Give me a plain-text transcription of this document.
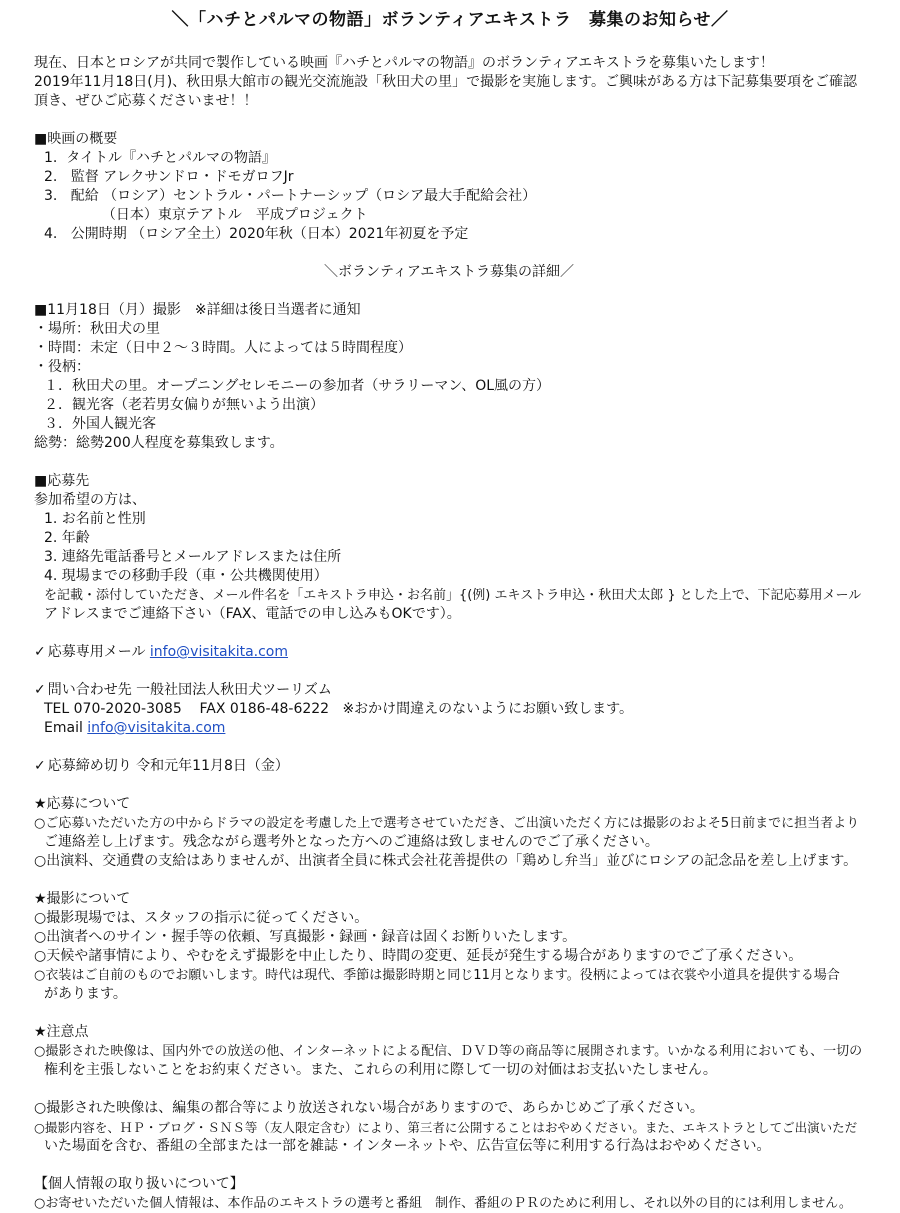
＼「ハチとパルマの物語」ボランティアエキストラ　募集のお知らせ／
現在、日本とロシアが共同で製作している映画『ハチとパルマの物語』のボランティアエキストラを募集いたします！
2019年11月18日(月)、秋田県大館市の観光交流施設「秋田犬の里」で撮影を実施します。ご興味がある方は下記募集要項をご確認
頂き、ぜひご応募くださいませ！！
■映画の概要
1.  タイトル『ハチとパルマの物語』
2.   監督 アレクサンドロ・ドモガロフJr
3.   配給 （ロシア）セントラル・パートナーシップ（ロシア最大手配給会社）
（日本）東京テアトル　平成プロジェクト
4.   公開時期 （ロシア全土）2020年秋（日本）2021年初夏を予定
＼ボランティアエキストラ募集の詳細／
■11月18日（月）撮影　※詳細は後日当選者に通知
・場所：秋田犬の里
・時間：未定（日中２～３時間。人によっては５時間程度）
・役柄：
１．秋田犬の里。オープニングセレモニーの参加者（サラリーマン、OL風の方）
２．観光客（老若男女偏りが無いよう出演）
３．外国人観光客
総勢：総勢200人程度を募集致します。
■応募先
参加希望の方は、
1. お名前と性別
2. 年齢
3. 連絡先電話番号とメールアドレスまたは住所
4. 現場までの移動手段（車・公共機関使用）
を記載・添付していただき、メール件名を「エキストラ申込・お名前」{(例) エキストラ申込・秋田犬太郎 } とした上で、下記応募用メール
アドレスまでご連絡下さい（FAX、電話での申し込みもOKです）。
✓ 応募専用メール info@visitakita.com
✓ 問い合わせ先 一般社団法人秋田犬ツーリズム
TEL 070-2020-3085    FAX 0186-48-6222   ※おかけ間違えのないようにお願い致します。
Email info@visitakita.com
✓ 応募締め切り 令和元年11月8日（金）
★応募について
○ご応募いただいた方の中からドラマの設定を考慮した上で選考させていただき、ご出演いただく方には撮影のおよそ5日前までに担当者より
ご連絡差し上げます。残念ながら選考外となった方へのご連絡は致しませんのでご了承ください。
○出演料、交通費の支給はありませんが、出演者全員に株式会社花善提供の「鶏めし弁当」並びにロシアの記念品を差し上げます。
★撮影について
○撮影現場では、スタッフの指示に従ってください。
○出演者へのサイン・握手等の依頼、写真撮影・録画・録音は固くお断りいたします。
○天候や諸事情により、やむをえず撮影を中止したり、時間の変更、延長が発生する場合がありますのでご了承ください。
○衣装はご自前のものでお願いします。時代は現代、季節は撮影時期と同じ11月となります。役柄によっては衣裳や小道具を提供する場合
があります。
★注意点
○撮影された映像は、国内外での放送の他、インターネットによる配信、ＤＶＤ等の商品等に展開されます。いかなる利用においても、一切の
権利を主張しないことをお約束ください。また、これらの利用に際して一切の対価はお支払いたしません。
○撮影された映像は、編集の都合等により放送されない場合がありますので、あらかじめご了承ください。
○撮影内容を、ＨＰ・ブログ・ＳＮＳ等（友人限定含む）により、第三者に公開することはおやめください。また、エキストラとしてご出演いただ
いた場面を含む、番組の全部または一部を雑誌・インターネットや、広告宣伝等に利用する行為はおやめください。
【個人情報の取り扱いについて】
○お寄せいただいた個人情報は、本作品のエキストラの選考と番組　制作、番組のＰＲのために利用し、それ以外の目的には利用しません。
